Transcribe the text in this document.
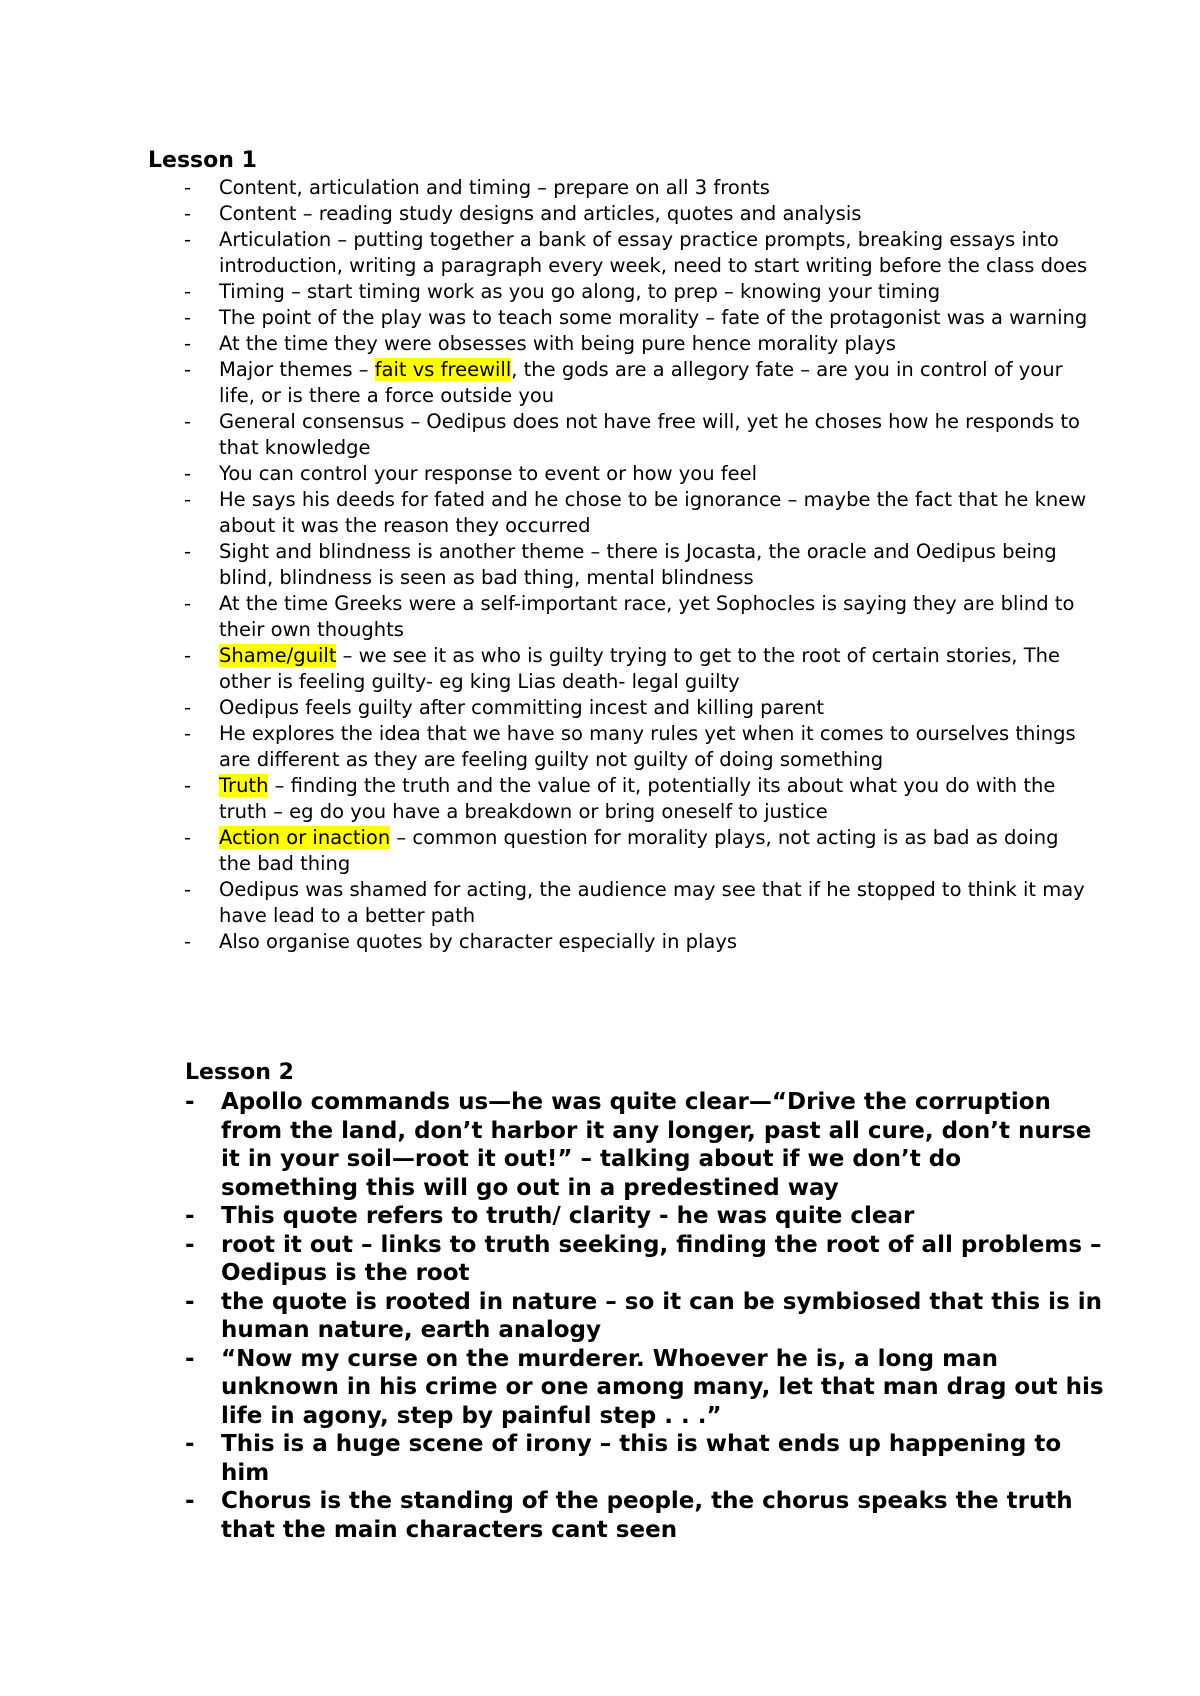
Lesson 1
- Content, articulation and timing – prepare on all 3 fronts
- Content – reading study designs and articles, quotes and analysis
- Articulation – putting together a bank of essay practice prompts, breaking essays into introduction, writing a paragraph every week, need to start writing before the class does
- Timing – start timing work as you go along, to prep – knowing your timing
- The point of the play was to teach some morality – fate of the protagonist was a warning
- At the time they were obsesses with being pure hence morality plays
- Major themes – fait vs freewill, the gods are a allegory fate – are you in control of your life, or is there a force outside you
- General consensus – Oedipus does not have free will, yet he choses how he responds to that knowledge
- You can control your response to event or how you feel
- He says his deeds for fated and he chose to be ignorance – maybe the fact that he knew about it was the reason they occurred
- Sight and blindness is another theme – there is Jocasta, the oracle and Oedipus being blind, blindness is seen as bad thing, mental blindness
- At the time Greeks were a self-important race, yet Sophocles is saying they are blind to their own thoughts
- Shame/guilt – we see it as who is guilty trying to get to the root of certain stories, The other is feeling guilty- eg king Lias death- legal guilty
- Oedipus feels guilty after committing incest and killing parent
- He explores the idea that we have so many rules yet when it comes to ourselves things are different as they are feeling guilty not guilty of doing something
- Truth – finding the truth and the value of it, potentially its about what you do with the truth – eg do you have a breakdown or bring oneself to justice
- Action or inaction – common question for morality plays, not acting is as bad as doing the bad thing
- Oedipus was shamed for acting, the audience may see that if he stopped to think it may have lead to a better path
- Also organise quotes by character especially in plays
Lesson 2
- Apollo commands us—he was quite clear—“Drive the corruption from the land, don’t harbor it any longer, past all cure, don’t nurse it in your soil—root it out!” – talking about if we don’t do something this will go out in a predestined way
- This quote refers to truth/ clarity - he was quite clear
- root it out – links to truth seeking, finding the root of all problems – Oedipus is the root
- the quote is rooted in nature – so it can be symbiosed that this is in human nature, earth analogy
- “Now my curse on the murderer. Whoever he is, a long man unknown in his crime or one among many, let that man drag out his life in agony, step by painful step . . .”
- This is a huge scene of irony – this is what ends up happening to him
- Chorus is the standing of the people, the chorus speaks the truth that the main characters cant seen
